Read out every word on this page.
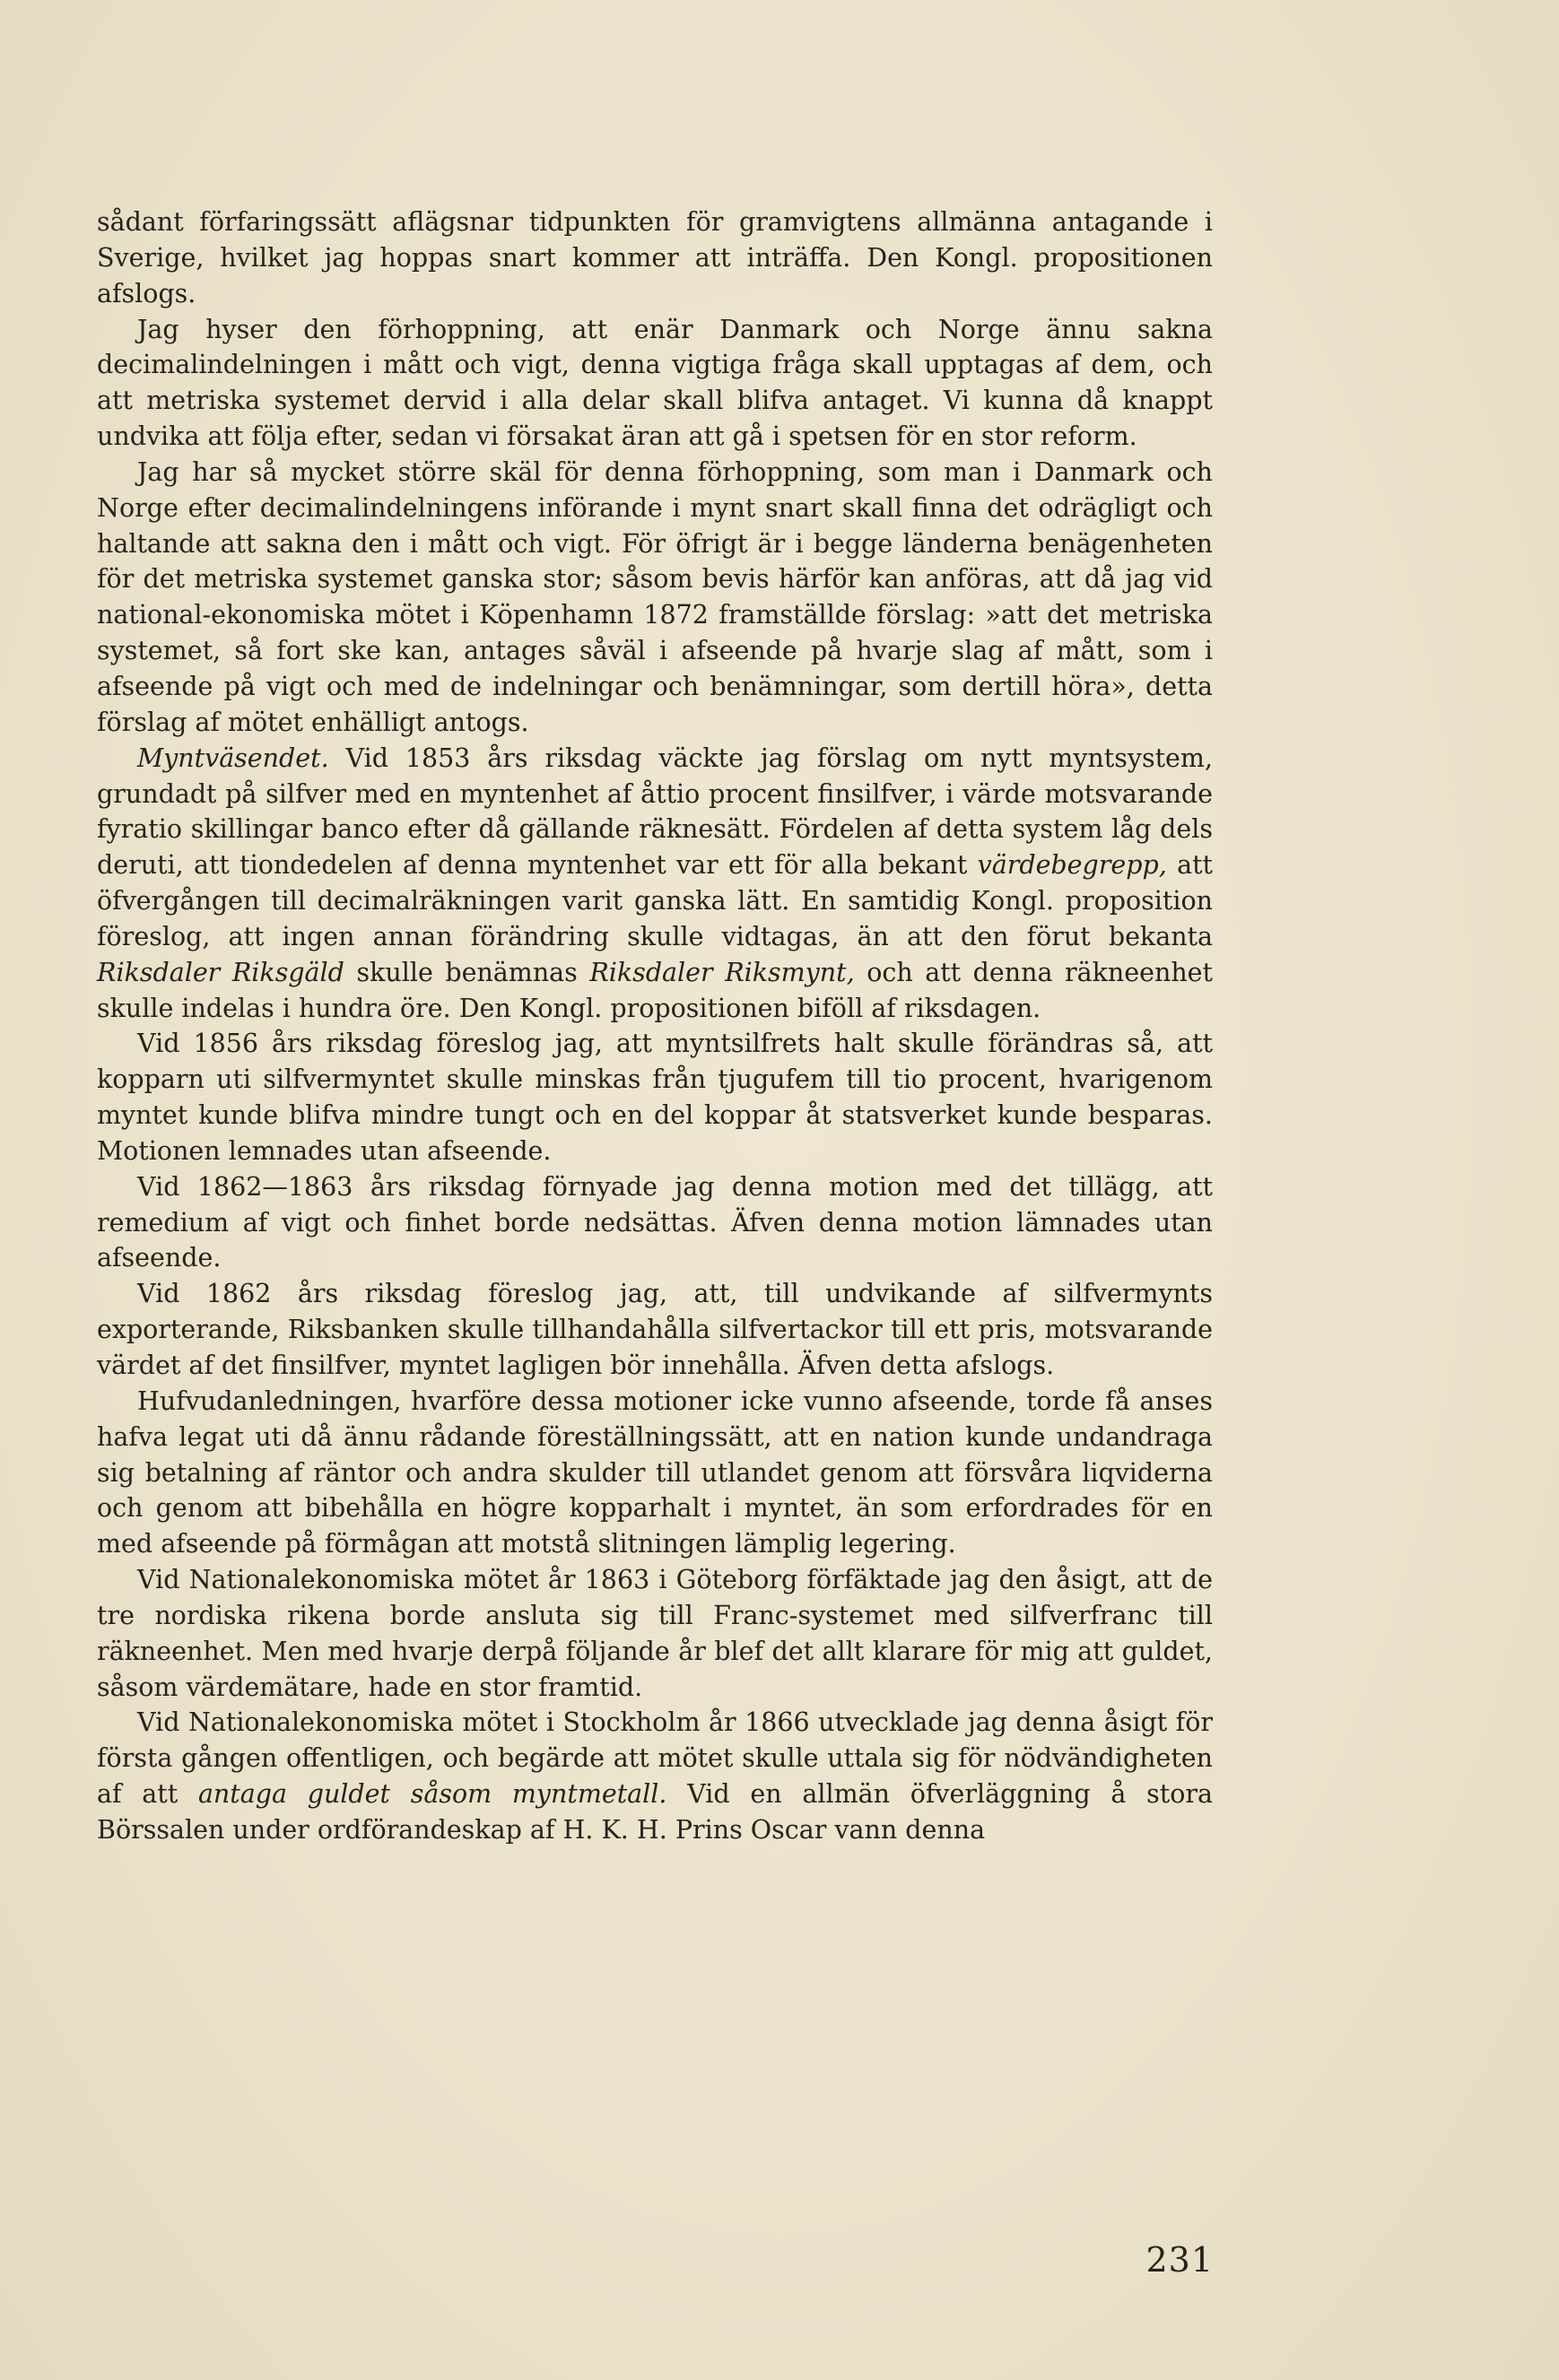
sådant förfaringssätt aflägsnar tidpunkten för gramvigtens allmänna antagande i Sverige, hvilket jag hoppas snart kommer att inträffa. Den Kongl. propositionen afslogs.

Jag hyser den förhoppning, att enär Danmark och Norge ännu sakna decimalindelningen i mått och vigt, denna vigtiga fråga skall upptagas af dem, och att metriska systemet dervid i alla delar skall blifva antaget. Vi kunna då knappt undvika att följa efter, sedan vi försakat äran att gå i spetsen för en stor reform.

Jag har så mycket större skäl för denna förhoppning, som man i Danmark och Norge efter decimalindelningens införande i mynt snart skall finna det odrägligt och haltande att sakna den i mått och vigt. För öfrigt är i begge länderna benägenheten för det metriska systemet ganska stor; såsom bevis härför kan anföras, att då jag vid national-ekonomiska mötet i Köpenhamn 1872 framställde förslag: »att det metriska systemet, så fort ske kan, antages såväl i afseende på hvarje slag af mått, som i afseende på vigt och med de indelningar och benämningar, som dertill höra», detta förslag af mötet enhälligt antogs.

Myntväsendet. Vid 1853 års riksdag väckte jag förslag om nytt myntsystem, grundadt på silfver med en myntenhet af åttio procent finsilfver, i värde motsvarande fyratio skillingar banco efter då gällande räknesätt. Fördelen af detta system låg dels deruti, att tiondedelen af denna myntenhet var ett för alla bekant värdebegrepp, att öfvergången till decimalräkningen varit ganska lätt. En samtidig Kongl. proposition föreslog, att ingen annan förändring skulle vidtagas, än att den förut bekanta Riksdaler Riksgäld skulle benämnas Riksdaler Riksmynt, och att denna räkneenhet skulle indelas i hundra öre. Den Kongl. propositionen biföll af riksdagen.

Vid 1856 års riksdag föreslog jag, att myntsilfrets halt skulle förändras så, att kopparn uti silfvermyntet skulle minskas från tjugufem till tio procent, hvarigenom myntet kunde blifva mindre tungt och en del koppar åt statsverket kunde besparas. Motionen lemnades utan afseende.

Vid 1862—1863 års riksdag förnyade jag denna motion med det tillägg, att remedium af vigt och finhet borde nedsättas. Äfven denna motion lämnades utan afseende.

Vid 1862 års riksdag föreslog jag, att, till undvikande af silfvermynts exporterande, Riksbanken skulle tillhandahålla silfvertackor till ett pris, motsvarande värdet af det finsilfver, myntet lagligen bör innehålla. Äfven detta afslogs.

Hufvudanledningen, hvarföre dessa motioner icke vunno afseende, torde få anses hafva legat uti då ännu rådande föreställningssätt, att en nation kunde undandraga sig betalning af räntor och andra skulder till utlandet genom att försvåra liqviderna och genom att bibehålla en högre kopparhalt i myntet, än som erfordrades för en med afseende på förmågan att motstå slitningen lämplig legering.

Vid Nationalekonomiska mötet år 1863 i Göteborg förfäktade jag den åsigt, att de tre nordiska rikena borde ansluta sig till Franc-systemet med silfverfranc till räkneenhet. Men med hvarje derpå följande år blef det allt klarare för mig att guldet, såsom värdemätare, hade en stor framtid.

Vid Nationalekonomiska mötet i Stockholm år 1866 utvecklade jag denna åsigt för första gången offentligen, och begärde att mötet skulle uttala sig för nödvändigheten af att antaga guldet såsom myntmetall. Vid en allmän öfverläggning å stora Börssalen under ordförandeskap af H. K. H. Prins Oscar vann denna

231
